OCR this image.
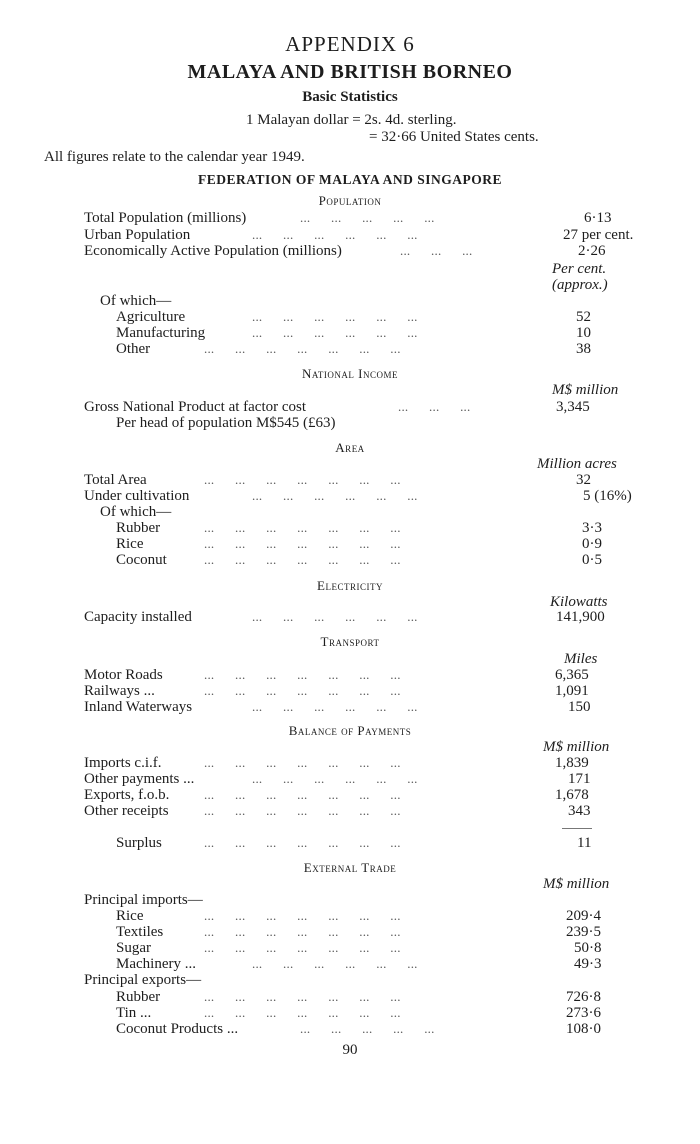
APPENDIX 6
MALAYA AND BRITISH BORNEO
Basic Statistics
1 Malayan dollar = 2s. 4d. sterling.
= 32·66 United States cents.
All figures relate to the calendar year 1949.
FEDERATION OF MALAYA AND SINGAPORE
Population
Total Population (millions)	...      ...      ...      ...      ...	6·13
Urban Population	...      ...      ...      ...      ...      ...	27 per cent.
Economically Active Population (millions)	...      ...      ...	2·26
Per cent.
(approx.)
Of which—
Agriculture	...      ...      ...      ...      ...      ...	52
Manufacturing	...      ...      ...      ...      ...      ...	10
Other	...      ...      ...      ...      ...      ...      ...	38
National Income
M$ million
Gross National Product at factor cost	...      ...      ...	3,345
Per head of population M$545 (£63)
Area
Million acres
Total Area	...      ...      ...      ...      ...      ...      ...	32
Under cultivation	...      ...      ...      ...      ...      ...	5 (16%)
Of which—
Rubber	...      ...      ...      ...      ...      ...      ...	3·3
Rice	...      ...      ...      ...      ...      ...      ...	0·9
Coconut	...      ...      ...      ...      ...      ...      ...	0·5
Electricity
Kilowatts
Capacity installed	...      ...      ...      ...      ...      ...	141,900
Transport
Miles
Motor Roads	...      ...      ...      ...      ...      ...      ...	6,365
Railways ...	...      ...      ...      ...      ...      ...      ...	1,091
Inland Waterways	...      ...      ...      ...      ...      ...	150
Balance of Payments
M$ million
Imports c.i.f.	...      ...      ...      ...      ...      ...      ...	1,839
Other payments ...	...      ...      ...      ...      ...      ...	171
Exports, f.o.b.	...      ...      ...      ...      ...      ...      ...	1,678
Other receipts	...      ...      ...      ...      ...      ...      ...	343
Surplus	...      ...      ...      ...      ...      ...      ...	11
External Trade
M$ million
Principal imports—
Rice	...      ...      ...      ...      ...      ...      ...	209·4
Textiles	...      ...      ...      ...      ...      ...      ...	239·5
Sugar	...      ...      ...      ...      ...      ...      ...	50·8
Machinery ...	...      ...      ...      ...      ...      ...	49·3
Principal exports—
Rubber	...      ...      ...      ...      ...      ...      ...	726·8
Tin ...	...      ...      ...      ...      ...      ...      ...	273·6
Coconut Products ...	...      ...      ...      ...      ...	108·0
90
